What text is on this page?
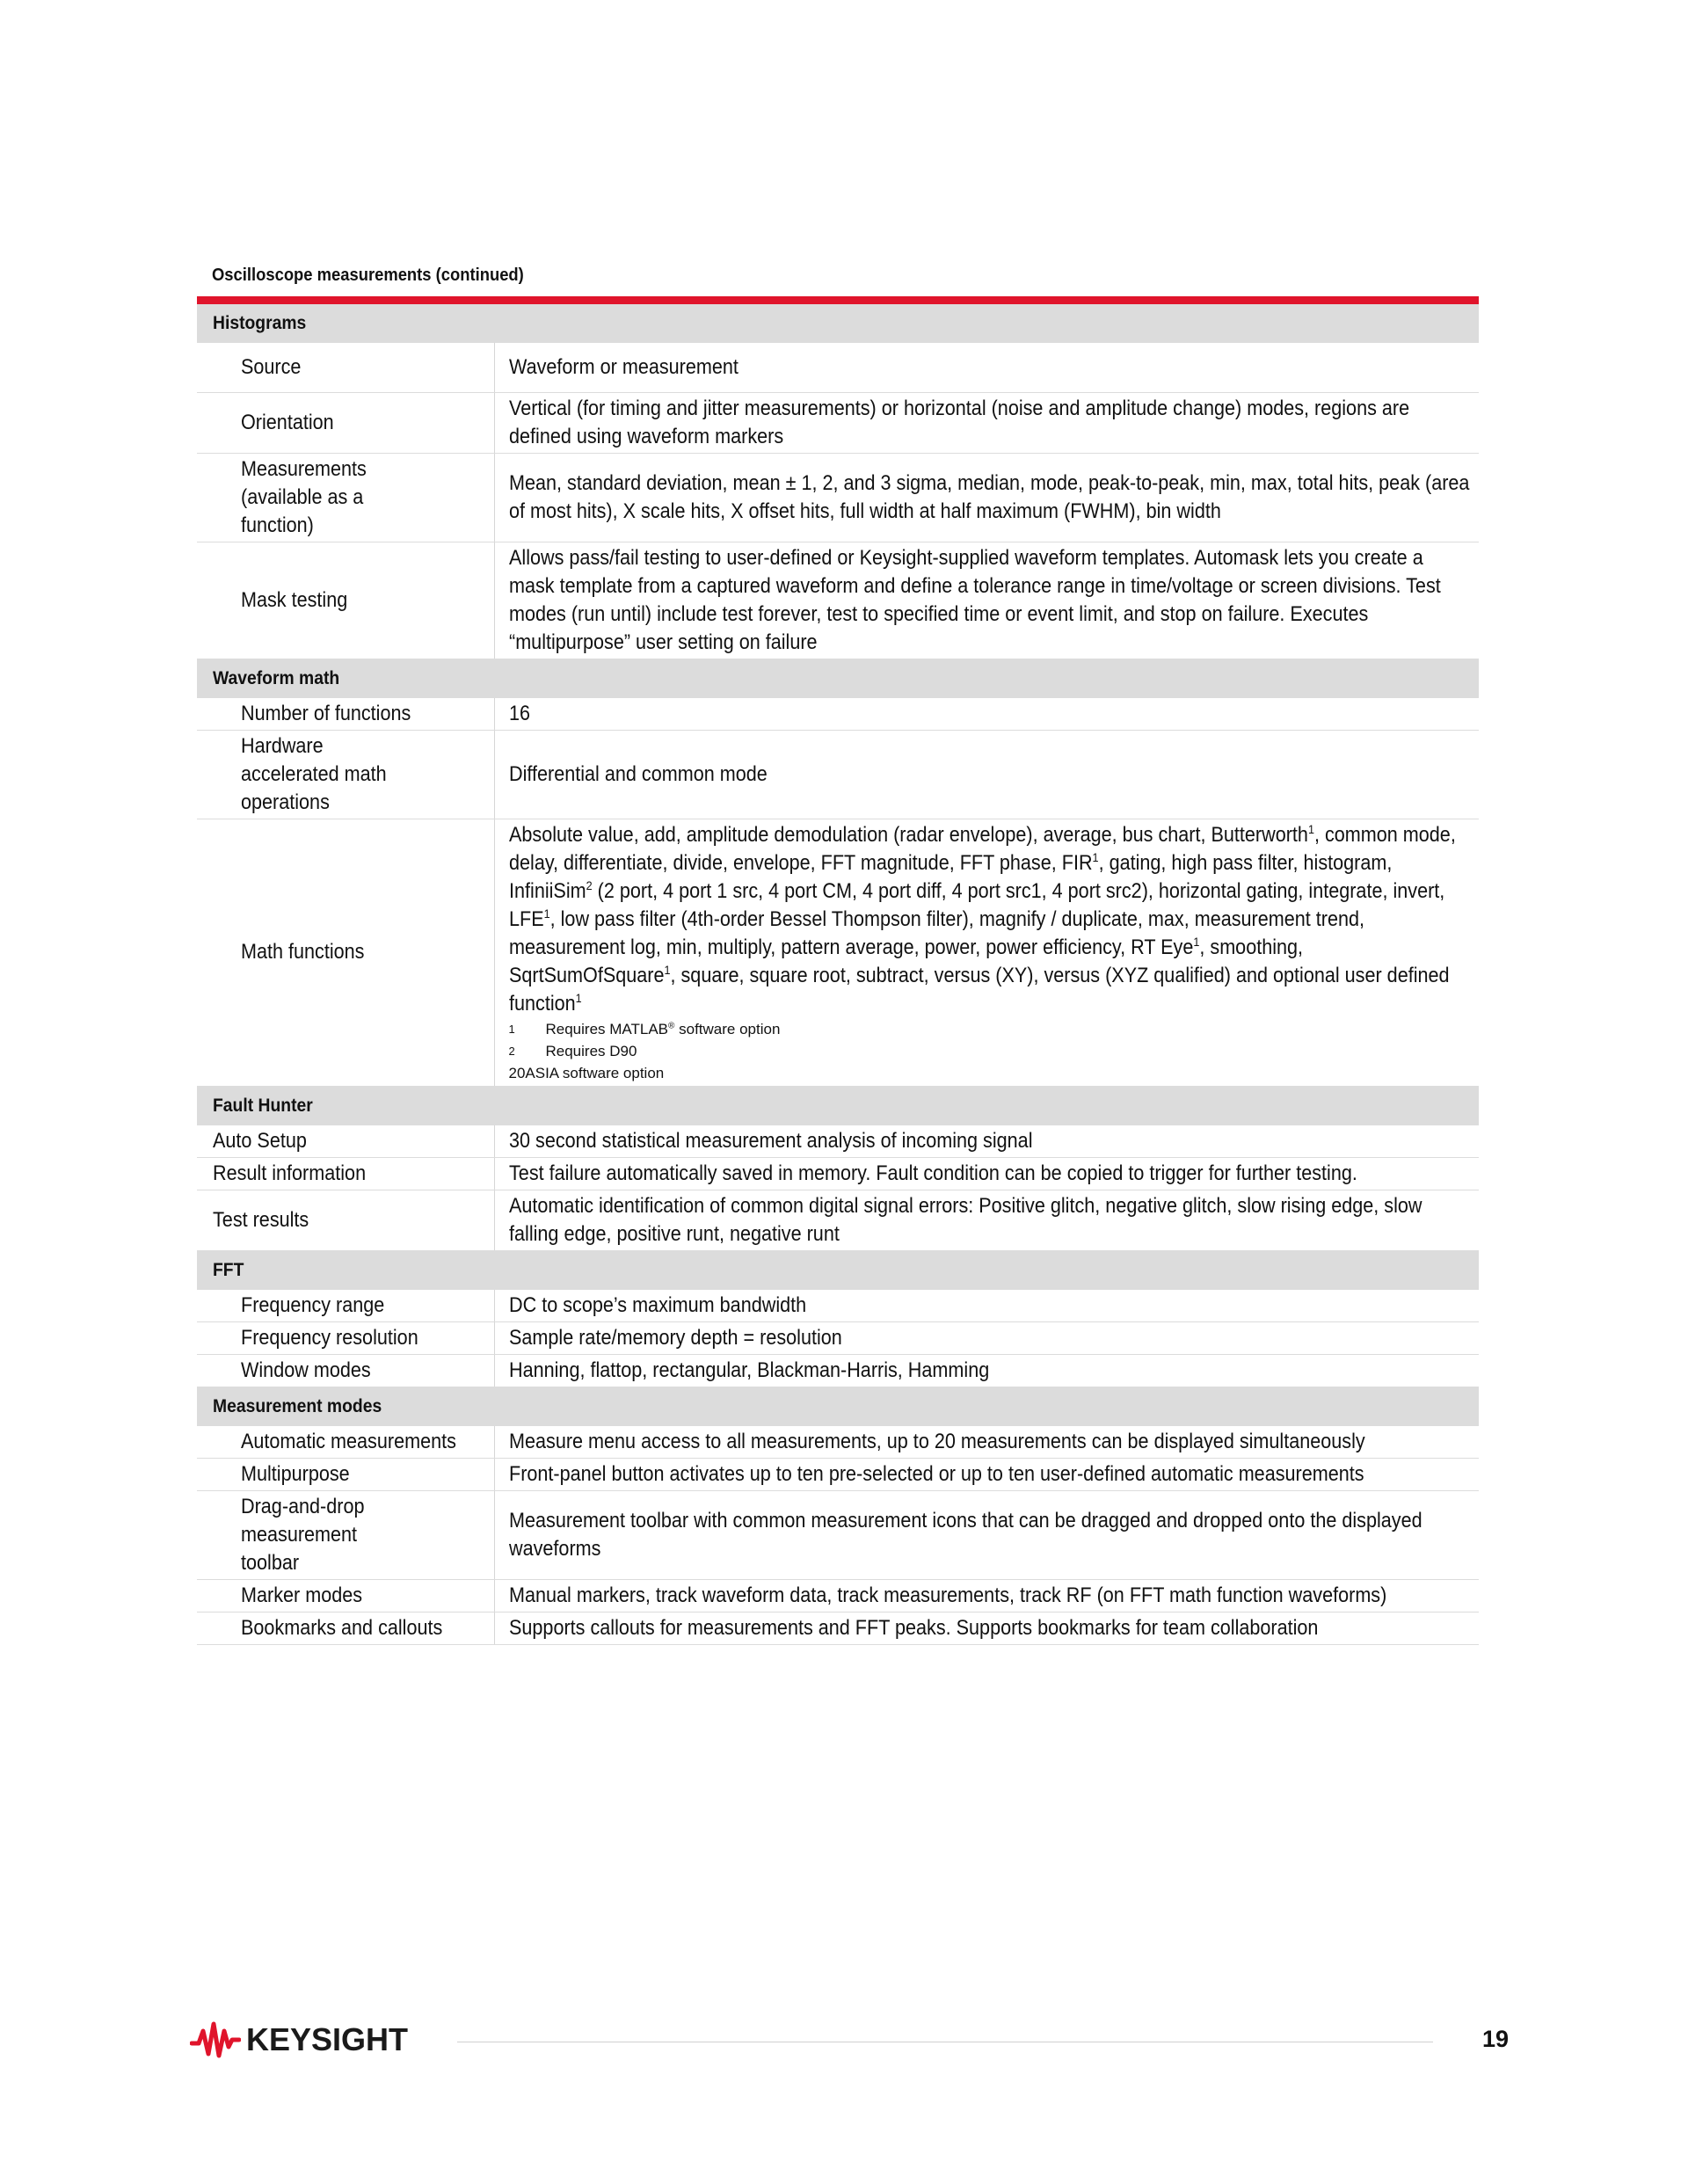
Oscilloscope measurements (continued)
Histograms	
Source	Waveform or measurement
Orientation	Vertical (for timing and jitter measurements) or horizontal (noise and amplitude change) modes, regions are defined using waveform markers
Measurements (available as a function)	Mean, standard deviation, mean ± 1, 2, and 3 sigma, median, mode, peak-to-peak, min, max, total hits, peak (area of most hits), X scale hits, X offset hits, full width at half maximum (FWHM), bin width
Mask testing	Allows pass/fail testing to user-defined or Keysight-supplied waveform templates. Automask lets you create a mask template from a captured waveform and define a tolerance range in time/voltage or screen divisions. Test modes (run until) include test forever, test to specified time or event limit, and stop on failure. Executes “multipurpose” user setting on failure
Waveform math	
Number of functions	16
Hardware accelerated math operations	Differential and common mode
Math functions	Absolute value, add, amplitude demodulation (radar envelope), average, bus chart, Butterworth$^1$, common mode, delay, differentiate, divide, envelope, FFT magnitude, FFT phase, FIR$^1$, gating, high pass filter, histogram, InfiniiSim$^2$ (2 port, 4 port 1 src, 4 port CM, 4 port diff, 4 port src1, 4 port src2), horizontal gating, integrate, invert, LFE$^1$, low pass filter (4th-order Bessel Thompson filter), magnify / duplicate, max, measurement trend, measurement log, min, multiply, pattern average, power, power efficiency, RT Eye$^1$, smoothing, SqrtSumOfSquare$^1$, square, square root, subtract, versus (XY), versus (XYZ qualified) and optional user defined function$^1$
1 Requires MATLAB® software option
2 Requires D90
20ASIA software option

Fault Hunter	
Auto Setup	30 second statistical measurement analysis of incoming signal
Result information	Test failure automatically saved in memory. Fault condition can be copied to trigger for further testing.
Test results	Automatic identification of common digital signal errors: Positive glitch, negative glitch, slow rising edge, slow falling edge, positive runt, negative runt
FFT	
Frequency range	DC to scope’s maximum bandwidth
Frequency resolution	Sample rate/memory depth = resolution
Window modes	Hanning, flattop, rectangular, Blackman-Harris, Hamming
Measurement modes	
Automatic measurements	Measure menu access to all measurements, up to 20 measurements can be displayed simultaneously
Multipurpose	Front-panel button activates up to ten pre-selected or up to ten user-defined automatic measurements
Drag-and-drop measurement toolbar	Measurement toolbar with common measurement icons that can be dragged and dropped onto the displayed waveforms
Marker modes	Manual markers, track waveform data, track measurements, track RF (on FFT math function waveforms)
Bookmarks and callouts	Supports callouts for measurements and FFT peaks. Supports bookmarks for team collaboration
KEYSIGHT	19
